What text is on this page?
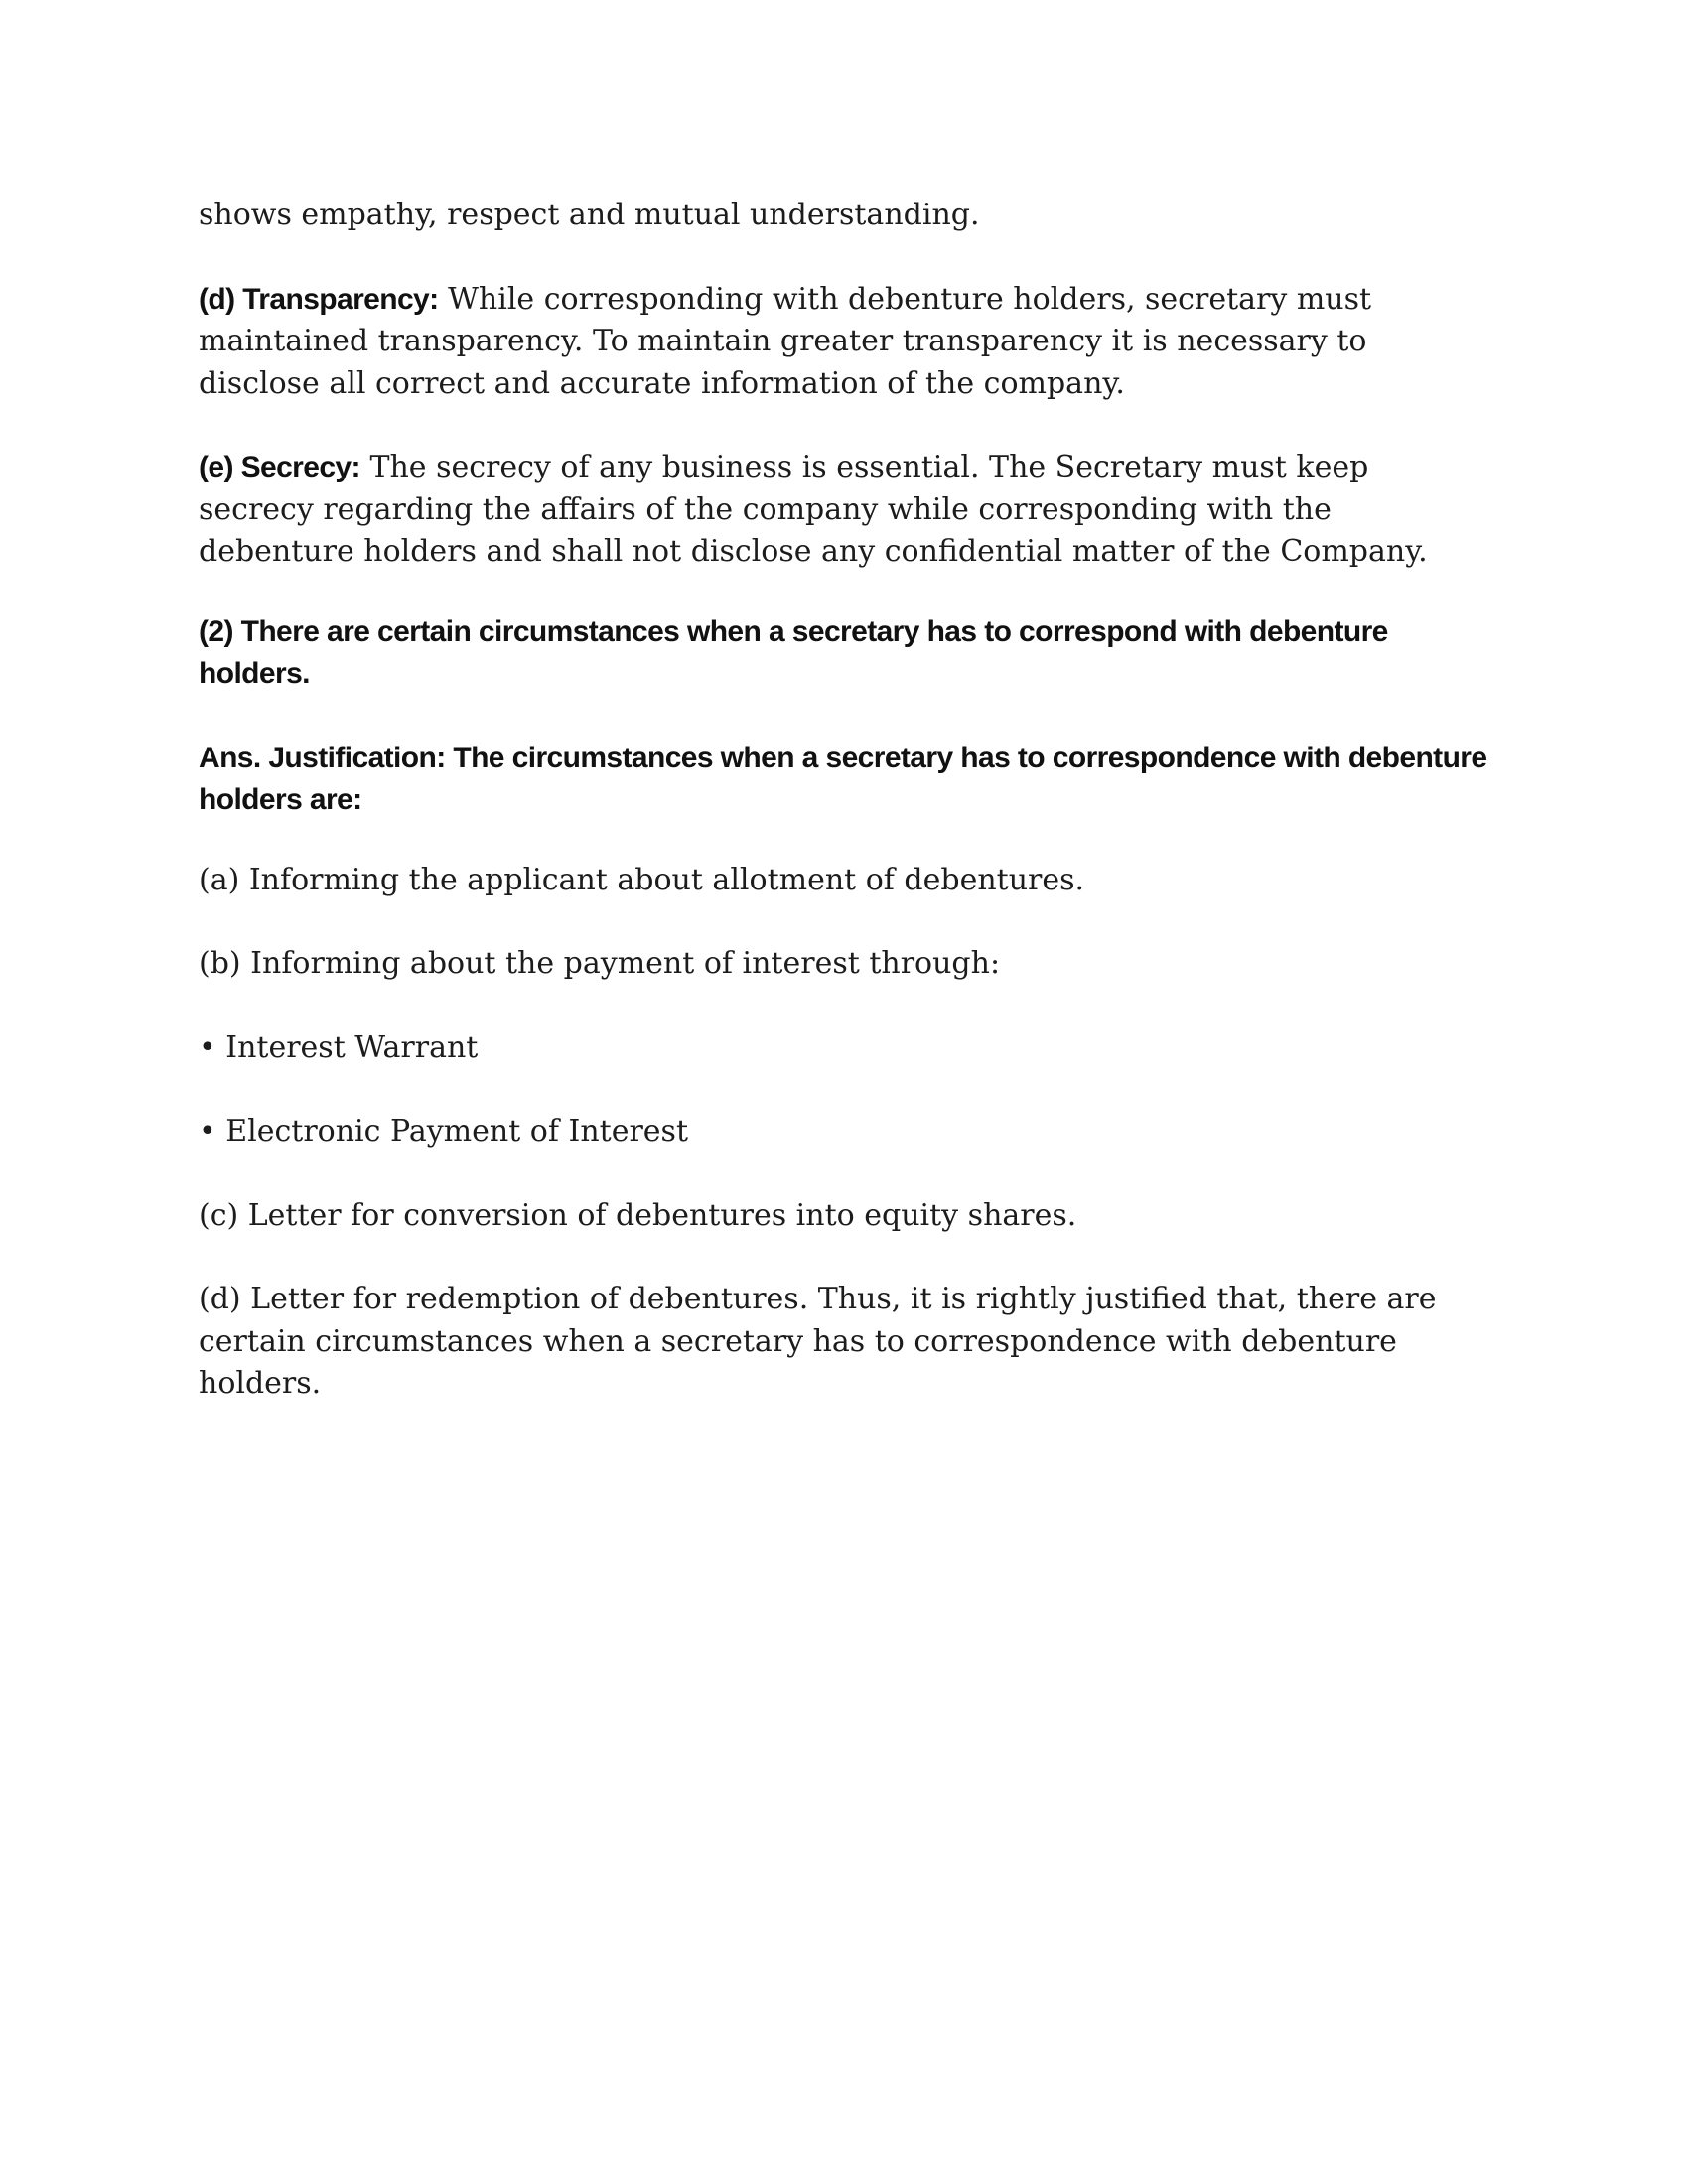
shows empathy, respect and mutual understanding.

(d) Transparency: While corresponding with debenture holders, secretary must maintained transparency. To maintain greater transparency it is necessary to disclose all correct and accurate information of the company.

(e) Secrecy: The secrecy of any business is essential. The Secretary must keep secrecy regarding the affairs of the company while corresponding with the debenture holders and shall not disclose any confidential matter of the Company.

(2) There are certain circumstances when a secretary has to correspond with debenture holders.

Ans. Justification: The circumstances when a secretary has to correspondence with debenture holders are:

(a) Informing the applicant about allotment of debentures.

(b) Informing about the payment of interest through:

• Interest Warrant

• Electronic Payment of Interest

(c) Letter for conversion of debentures into equity shares.

(d) Letter for redemption of debentures. Thus, it is rightly justified that, there are certain circumstances when a secretary has to correspondence with debenture holders.
